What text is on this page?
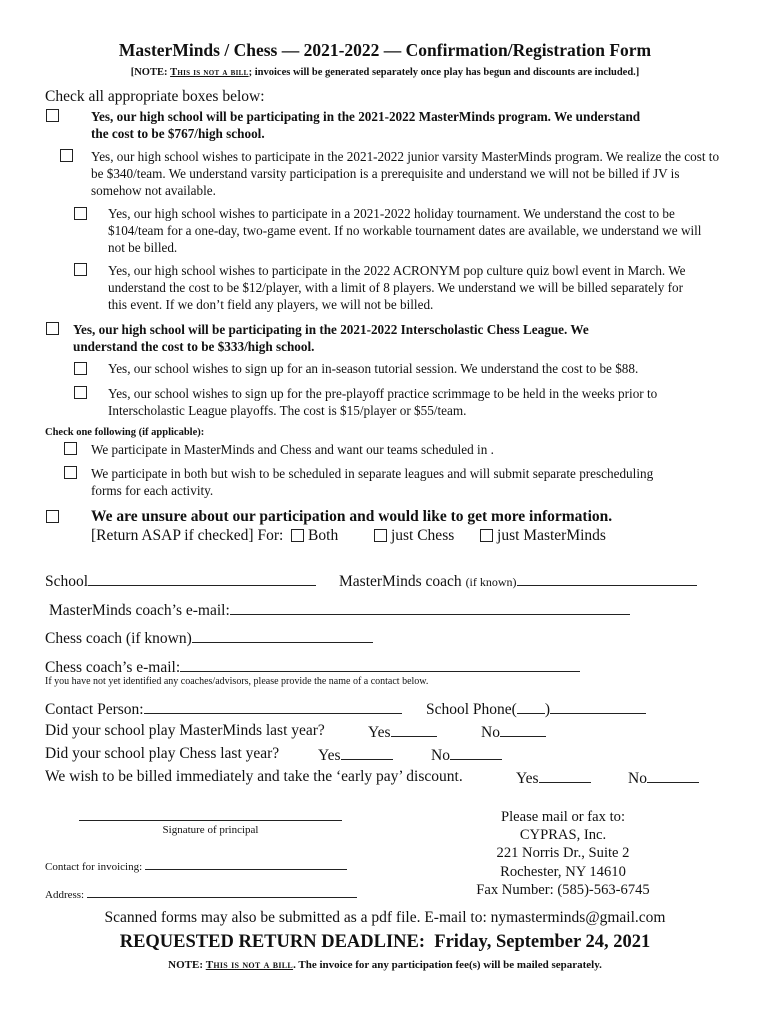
MasterMinds / Chess — 2021-2022 — Confirmation/Registration Form
[NOTE: This is not a bill; invoices will be generated separately once play has begun and discounts are included.]
Check all appropriate boxes below:
Yes, our high school will be participating in the 2021-2022 MasterMinds program. We understand the cost to be $767/high school.
Yes, our high school wishes to participate in the 2021-2022 junior varsity MasterMinds program. We realize the cost to be $340/team. We understand varsity participation is a prerequisite and understand we will not be billed if JV is somehow not available.
Yes, our high school wishes to participate in a 2021-2022 holiday tournament. We understand the cost to be $104/team for a one-day, two-game event. If no workable tournament dates are available, we understand we will not be billed.
Yes, our high school wishes to participate in the 2022 ACRONYM pop culture quiz bowl event in March. We understand the cost to be $12/player, with a limit of 8 players. We understand we will be billed separately for this event. If we don’t field any players, we will not be billed.
Yes, our high school will be participating in the 2021-2022 Interscholastic Chess League. We understand the cost to be $333/high school.
Yes, our school wishes to sign up for an in-season tutorial session. We understand the cost to be $88.
Yes, our school wishes to sign up for the pre-playoff practice scrimmage to be held in the weeks prior to Interscholastic League playoffs. The cost is $15/player or $55/team.
Check one following (if applicable):
We participate in MasterMinds and Chess and want our teams scheduled in .
We participate in both but wish to be scheduled in separate leagues and will submit separate prescheduling forms for each activity.
We are unsure about our participation and would like to get more information.
[Return ASAP if checked] For: Both	just Chess	just MasterMinds
School	MasterMinds coach (if known)
MasterMinds coach’s e-mail:
Chess coach (if known)
Chess coach’s e-mail:
If you have not yet identified any coaches/advisors, please provide the name of a contact below.
Contact Person:	School Phone( )
Did your school play MasterMinds last year?	Yes	No
Did your school play Chess last year?	Yes	No
We wish to be billed immediately and take the ‘early pay’ discount.	Yes	No
Signature of principal
Contact for invoicing:
Address:
Please mail or fax to:
CYPRAS, Inc.
221 Norris Dr., Suite 2
Rochester, NY 14610
Fax Number: (585)-563-6745
Scanned forms may also be submitted as a pdf file. E-mail to: nymasterminds@gmail.com
REQUESTED RETURN DEADLINE: Friday, September 24, 2021
NOTE: This is not a bill. The invoice for any participation fee(s) will be mailed separately.
